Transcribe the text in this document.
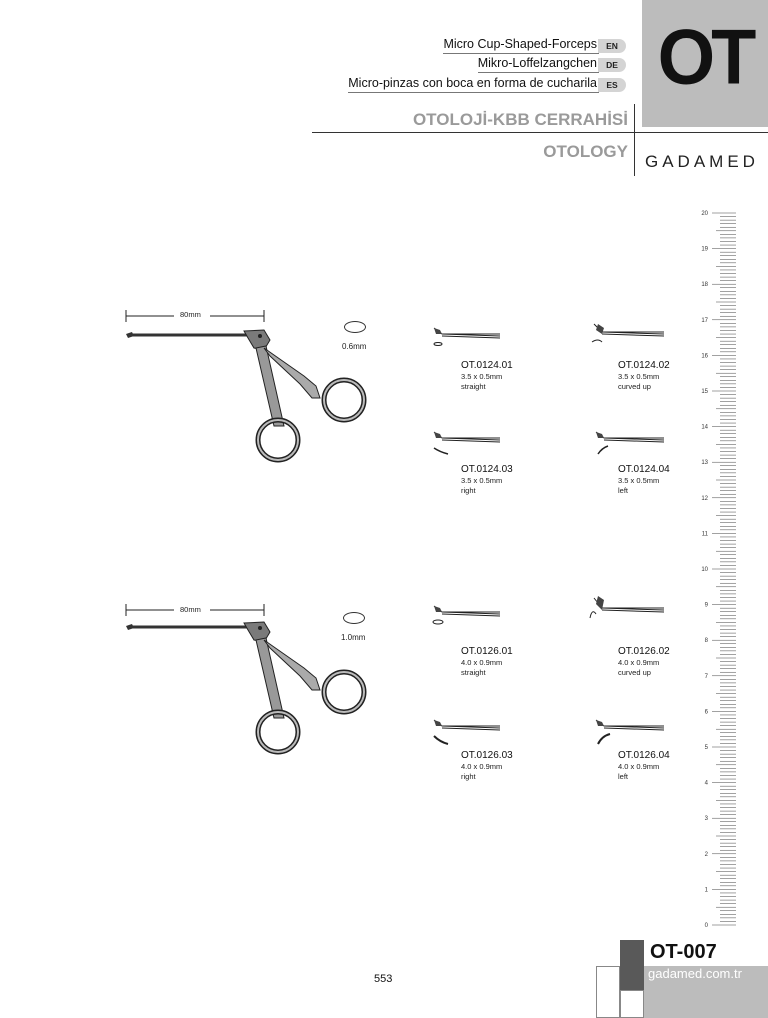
Micro Cup-Shaped-Forceps	EN
Mikro-Loffelzangchen	DE
Micro-pinzas con boca en forma de cucharila	ES OT
OTOLOJİ-KBB CERRAHİSİ
OTOLOGY
GADAMED
80mm
0.6mm
OT.0124.01
3.5 x 0.5mm
straight
OT.0124.02
3.5 x 0.5mm
curved up
OT.0124.03
3.5 x 0.5mm
right
OT.0124.04
3.5 x 0.5mm
left
80mm
1.0mm
OT.0126.01
4.0 x 0.9mm
straight
OT.0126.02
4.0 x 0.9mm
curved up
OT.0126.03
4.0 x 0.9mm
right
OT.0126.04
4.0 x 0.9mm
left
0
1
2
3
4
5
6
7
8
9
10
11
12
13
14
15
16
17
18
19
20
553
OT-007
gadamed.com.tr
